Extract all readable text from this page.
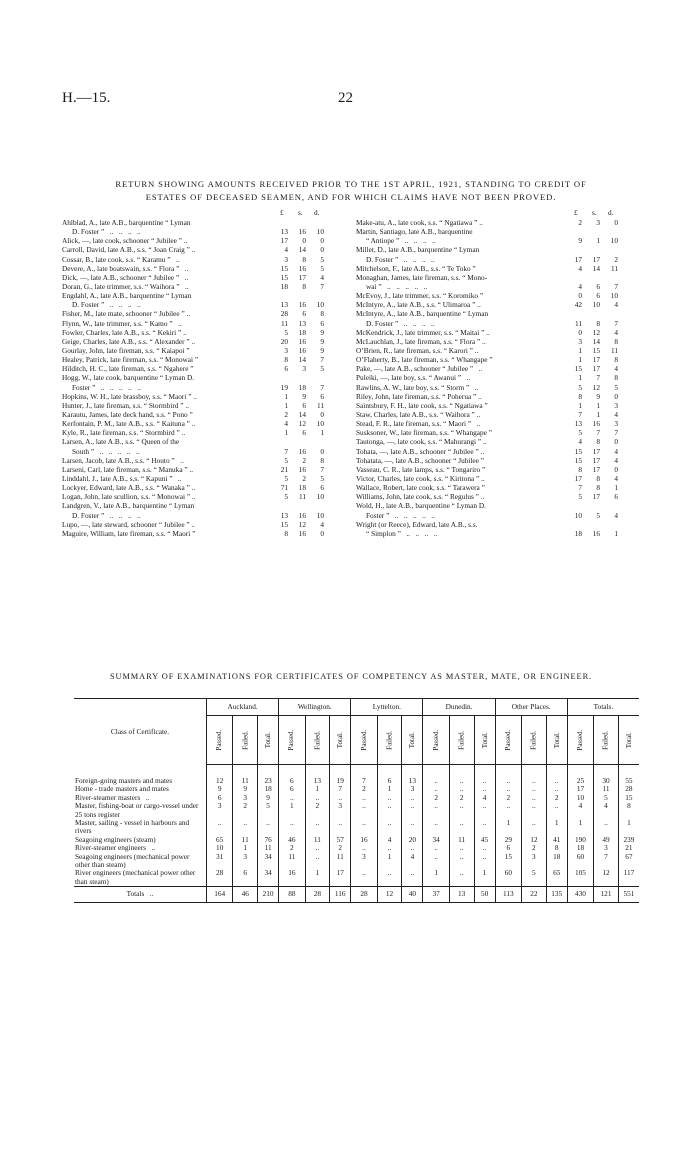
H.—15.	22
RETURN SHOWING AMOUNTS RECEIVED PRIOR TO THE 1ST APRIL, 1921, STANDING TO CREDIT OF
ESTATES OF DECEASED SEAMEN, AND FOR WHICH CLAIMS HAVE NOT BEEN PROVED.
£ s. d.
Ahlblad, A., late A.B., barquentine “ Lyman
D. Foster ”   ..   ..   ..   ..	13	16	10
Alick, —, late cook, schooner “ Jubilee ” ..	17	0	0
Carroll, David, late A.B., s.s. “ Joan Craig ” ..	4	14	0
Cossar, B., late cook, s.s. “ Karamu ”   ..	3	8	5
Devere, A., late boatswain, s.s. “ Flora ”   ..	15	16	5
Dick, —, late A.B., schooner “ Jubilee ”   ..	15	17	4
Doran, G., late trimmer, s.s. “ Waihora ”   ..	18	8	7
Engdahl, A., late A.B., barquentine “ Lyman
D. Foster ”   ..   ..   ..   ..	13	16	10
Fisher, M., late mate, schooner “ Jubilee ” ..	28	6	8
Flynn, W., late trimmer, s.s. “ Kamo ”   ..	11	13	6
Fowler, Charles, late A.B., s.s. “ Kekiri ” ..	5	18	9
Geige, Charles, late A.B., s.s. “ Alexander ” ..	20	16	9
Gourlay, John, late fireman, s.s. “ Kaiapoi ”	3	16	9
Healey, Patrick, late fireman, s.s. “ Monowai ”	8	14	7
Hilditch, H. C., late fireman, s.s. “ Ngahere ”	6	3	5
Hogg, W., late cook, barquentine “ Lyman D.
Foster ”   ..   ..   ..   ..   ..	19	18	7
Hopkins, W. H., late brassboy, s.s. “ Maori ” ..	1	9	6
Hunter, J., late fireman, s.s. “ Stormbird ” ..	1	6	11
Karautu, James, late deck hand, s.s. “ Pono ”	2	14	0
Kerfontain, P. M., late A.B., s.s. “ Kaituna ” ..	4	12	10
Kyle, R., late fireman, s.s. “ Stormbird ” ..	1	6	1
Larsen, A., late A.B., s.s. “ Queen of the
South ”   ..   ..   ..   ..   ..	7	16	0
Larsen, Jacob, late A.B., s.s. “ Houto ”   ..	5	2	8
Larseni, Carl, late fireman, s.s. “ Manuka ” ..	21	16	7
Linddahl, J., late A.B., s.s. “ Kapuni ”   ..	5	2	5
Lockyer, Edward, late A.B., s.s. “ Wanaka ” ..	71	18	6
Logan, John, late scullion, s.s. “ Monowai ” ..	5	11	10
Landgren, V., late A.B., barquentine “ Lyman
D. Foster ”   ..   ..   ..   ..	13	16	10
Lupo, —, late steward, schooner “ Jubilee ” ..	15	12	4
Maguire, William, late fireman, s.s. “ Maori ”	8	16	0
£ s. d.
Make-atu, A., late cook, s.s. “ Ngatiawa ” ..	2	3	0
Martin, Santiago, late A.B., barquentine
“ Antiope ”   ..   ..   ..   ..	9	1	10
Millet, D., late A.B., barquentine “ Lyman
D. Foster ”   ..   ..   ..   ..	17	17	2
Mitchelson, F., late A.B., s.s. “ Te Toko ”	4	14	11
Monaghan, James, late fireman, s.s. “ Mono-
wai ”   ..   ..   ..   ..   ..	4	6	7
McEvoy, J., late trimmer, s.s. “ Koromiko ”	0	6	10
McIntyre, A., late A.B., s.s. “ Ulimaroa ” ..	42	10	4
McIntyre, A., late A.B., barquentine “ Lyman
D. Foster ”   ..   ..   ..   ..	11	8	7
McKendrick, J., late trimmer, s.s. “ Maitai ” ..	0	12	4
McLauchlan, J., late fireman, s.s. “ Flora ” ..	3	14	8
O’Brien, R., late fireman, s.s. “ Karori ” ..	1	15	11
O’Flaherty, B., late fireman, s.s. “ Whangape ”	1	17	8
Pake, —, late A.B., schooner “ Jubilee ”   ..	15	17	4
Puleiki, —, late boy, s.s. “ Awanui ”   ..	1	7	8
Rawlins, A. W., late boy, s.s. “ Storm ”   ..	5	12	5
Riley, John, late fireman, s.s. “ Poherua ” ..	8	9	0
Saintsbury, F. H., late cook, s.s. “ Ngatiawa ”	1	1	3
Staw, Charles, late A.B., s.s. “ Waihora ” ..	7	1	4
Stead, F. R., late fireman, s.s. “ Maori ”   ..	13	16	3
Susksoner, W., late fireman, s.s. “ Whangape ”	5	7	7
Tautonga, —, late cook, s.s. “ Mahurangi ” ..	4	8	0
Tohata, —, late A.B., schooner “ Jubilee ” ..	15	17	4
Tohatata, —, late A.B., schooner “ Jubilee ”	15	17	4
Vasseau, C. R., late lamps, s.s. “ Tongariro ”	8	17	0
Victor, Charles, late cook, s.s. “ Kiritona ” ..	17	8	4
Wallace, Robert, late cook, s.s. “ Tarawera ”	7	8	1
Williams, John, late cook, s.s. “ Regulus ” ..	5	17	6
Wold, H., late A.B., barquentine “ Lyman D.
Foster ”   ..   ..   ..   ..   ..	10	5	4
Wright (or Reece), Edward, late A.B., s.s.
“ Simplon ”   ..   ..   ..   ..	18	16	1
SUMMARY OF EXAMINATIONS FOR CERTIFICATES OF COMPETENCY AS MASTER, MATE, OR ENGINEER.
Class of Certificate.	Auckland.			Wellington.			Lyttelton.			Dunedin.			Other Places.			Totals.		
	Passed.	Failed.	Total.	Passed.	Failed.	Total.	Passed.	Failed.	Total.	Passed.	Failed.	Total.	Passed.	Failed.	Total.	Passed.	Failed.	Total.
Foreign-going masters and mates	12	11	23	6	13	19	7	6	13	..	..	..	..	..	..	25	30	55
Home - trade masters and mates	9	9	18	6	1	7	2	1	3	..	..	..	..	..	..	17	11	28
River-steamer masters   ..	6	3	9	..	..	..	..	..	..	2	2	4	2	..	2	10	5	15
Master, fishing-boat or cargo-vessel under 25 tons register	3	2	5	1	2	3	..	..	..	..	..	..	..	..	..	4	4	8
Master, sailing - vessel in harbours and rivers	..	..	..	..	..	..	..	..	..	..	..	..	1	..	1	1	..	1
Seagoing engineers (steam)	65	11	76	46	11	57	16	4	20	34	11	45	29	12	41	190	49	239
River-steamer engineers   ..	10	1	11	2	..	2	..	..	..	..	..	..	6	2	8	18	3	21
Seagoing engineers (mechanical power other than steam)	31	3	34	11	..	11	3	1	4	..	..	..	15	3	18	60	7	67
River engineers (mechanical power other than steam)	28	6	34	16	1	17	..	..	..	1	..	1	60	5	65	105	12	117
Totals   ..	164	46	210	88	28	116	28	12	40	37	13	50	113	22	135	430	121	551
